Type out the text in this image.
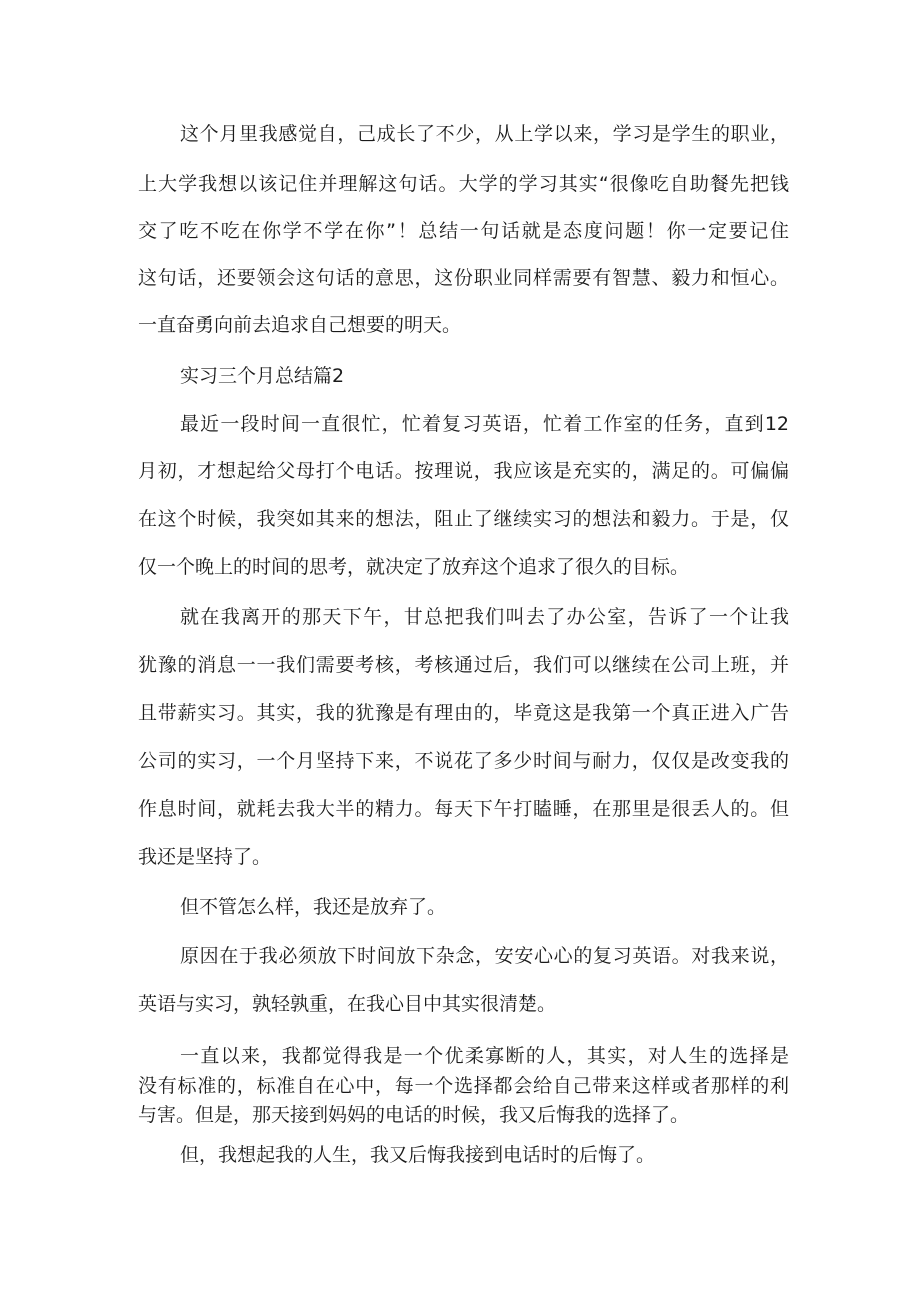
这个月里我感觉自，己成长了不少，从上学以来，学习是学生的职业，

上大学我想以该记住并理解这句话。大学的学习其实“很像吃自助餐先把钱

交了吃不吃在你学不学在你”！总结一句话就是态度问题！你一定要记住

这句话，还要领会这句话的意思，这份职业同样需要有智慧、毅力和恒心。

一直奋勇向前去追求自己想要的明天。

实习三个月总结篇2

最近一段时间一直很忙，忙着复习英语，忙着工作室的任务，直到12

月初，才想起给父母打个电话。按理说，我应该是充实的，满足的。可偏偏

在这个时候，我突如其来的想法，阻止了继续实习的想法和毅力。于是，仅

仅一个晚上的时间的思考，就决定了放弃这个追求了很久的目标。

就在我离开的那天下午，甘总把我们叫去了办公室，告诉了一个让我

犹豫的消息一一我们需要考核，考核通过后，我们可以继续在公司上班，并

且带薪实习。其实，我的犹豫是有理由的，毕竟这是我第一个真正进入广告

公司的实习，一个月坚持下来，不说花了多少时间与耐力，仅仅是改变我的

作息时间，就耗去我大半的精力。每天下午打瞌睡，在那里是很丢人的。但

我还是坚持了。

但不管怎么样，我还是放弃了。

原因在于我必须放下时间放下杂念，安安心心的复习英语。对我来说，

英语与实习，孰轻孰重，在我心目中其实很清楚。

一直以来，我都觉得我是一个优柔寡断的人，其实，对人生的选择是

没有标准的，标准自在心中，每一个选择都会给自己带来这样或者那样的利

与害。但是，那天接到妈妈的电话的时候，我又后悔我的选择了。

但，我想起我的人生，我又后悔我接到电话时的后悔了。
